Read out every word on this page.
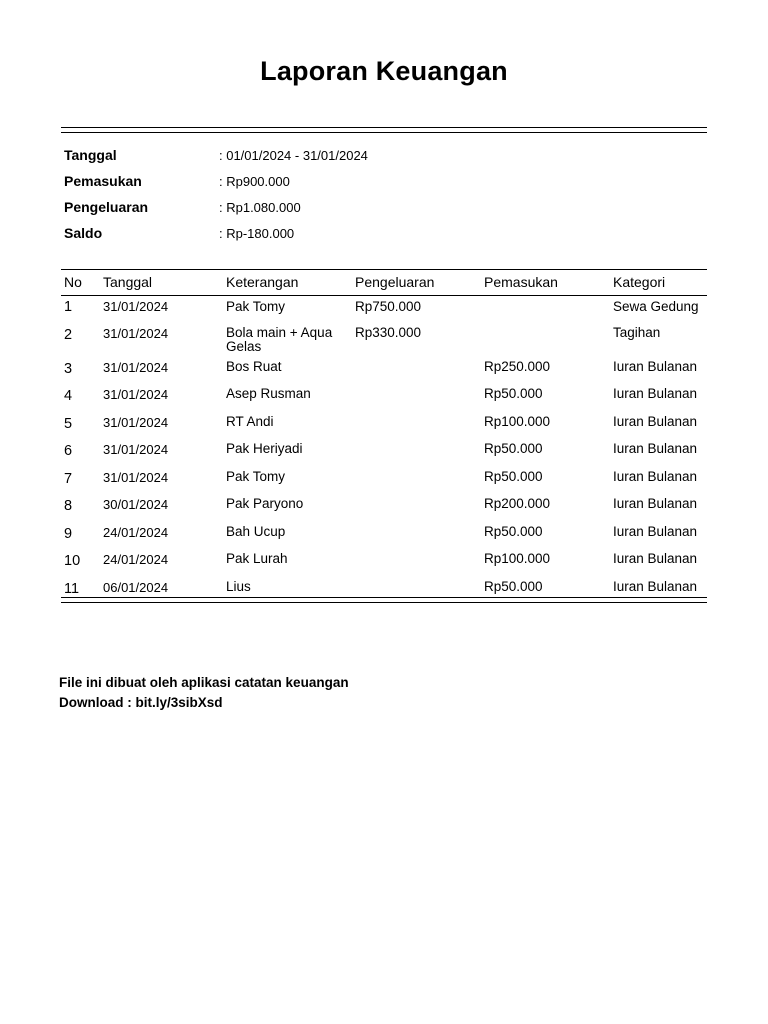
Laporan Keuangan
Tanggal	: 01/01/2024 - 31/01/2024
Pemasukan	: Rp900.000
Pengeluaran	: Rp1.080.000
Saldo	: Rp-180.000
No	Tanggal	Keterangan	Pengeluaran	Pemasukan	Kategori
1	31/01/2024	Pak Tomy	Rp750.000		Sewa Gedung
2	31/01/2024	Bola main + Aqua Gelas	Rp330.000		Tagihan
3	31/01/2024	Bos Ruat		Rp250.000	Iuran Bulanan
4	31/01/2024	Asep Rusman		Rp50.000	Iuran Bulanan
5	31/01/2024	RT Andi		Rp100.000	Iuran Bulanan
6	31/01/2024	Pak Heriyadi		Rp50.000	Iuran Bulanan
7	31/01/2024	Pak Tomy		Rp50.000	Iuran Bulanan
8	30/01/2024	Pak Paryono		Rp200.000	Iuran Bulanan
9	24/01/2024	Bah Ucup		Rp50.000	Iuran Bulanan
10	24/01/2024	Pak Lurah		Rp100.000	Iuran Bulanan
11	06/01/2024	Lius		Rp50.000	Iuran Bulanan
File ini dibuat oleh aplikasi catatan keuangan
Download : bit.ly/3sibXsd
